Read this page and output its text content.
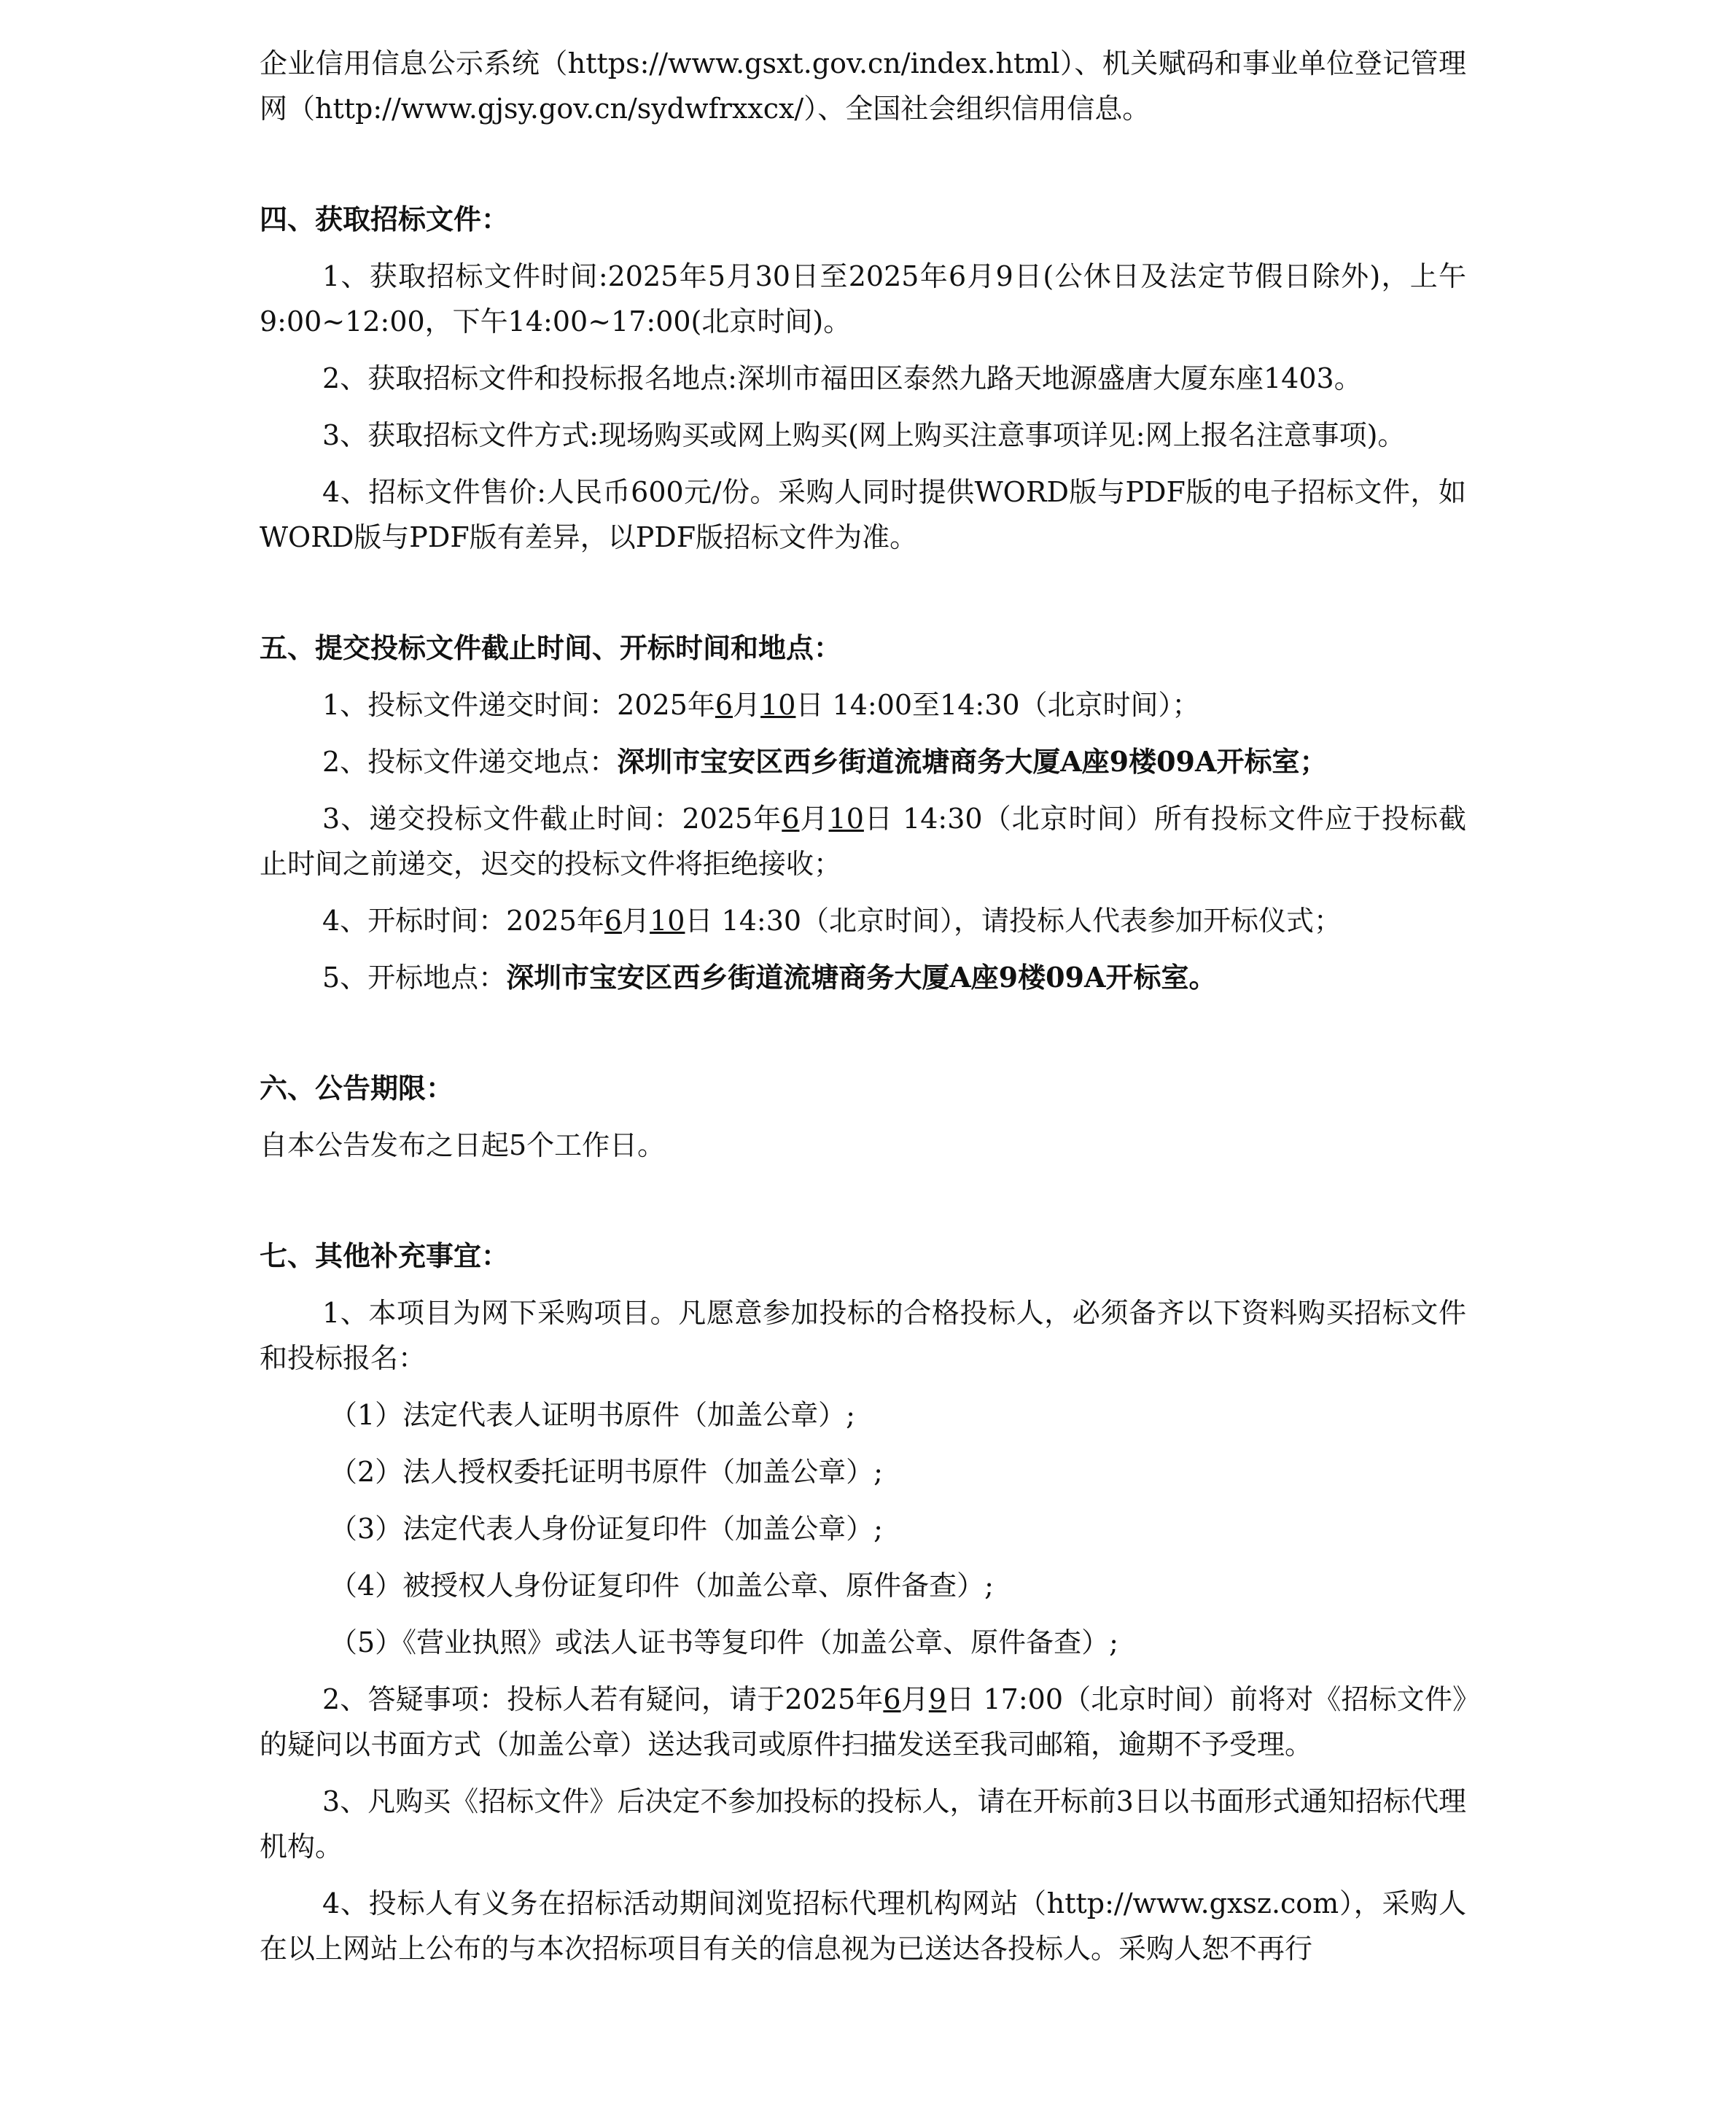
企业信用信息公示系统（https://www.gsxt.gov.cn/index.html）、机关赋码和事业单位登记管理网（http://www.gjsy.gov.cn/sydwfrxxcx/）、全国社会组织信用信息。

四、获取招标文件：

1、获取招标文件时间:2025年5月30日至2025年6月9日(公休日及法定节假日除外)，上午9:00~12:00，下午14:00~17:00(北京时间)。

2、获取招标文件和投标报名地点:深圳市福田区泰然九路天地源盛唐大厦东座1403。

3、获取招标文件方式:现场购买或网上购买(网上购买注意事项详见:网上报名注意事项)。

4、招标文件售价:人民币600元/份。采购人同时提供WORD版与PDF版的电子招标文件，如WORD版与PDF版有差异，以PDF版招标文件为准。

五、提交投标文件截止时间、开标时间和地点：

1、投标文件递交时间：2025年6月10日 14:00至14:30（北京时间）；

2、投标文件递交地点：深圳市宝安区西乡街道流塘商务大厦A座9楼09A开标室；

3、递交投标文件截止时间：2025年6月10日 14:30（北京时间）所有投标文件应于投标截止时间之前递交，迟交的投标文件将拒绝接收；

4、开标时间：2025年6月10日 14:30（北京时间），请投标人代表参加开标仪式；

5、开标地点：深圳市宝安区西乡街道流塘商务大厦A座9楼09A开标室。

六、公告期限：

自本公告发布之日起5个工作日。

七、其他补充事宜：

1、本项目为网下采购项目。凡愿意参加投标的合格投标人，必须备齐以下资料购买招标文件和投标报名：

（1）法定代表人证明书原件（加盖公章）;

（2）法人授权委托证明书原件（加盖公章）;

（3）法定代表人身份证复印件（加盖公章）;

（4）被授权人身份证复印件（加盖公章、原件备查）;

（5）《营业执照》或法人证书等复印件（加盖公章、原件备查）;

2、答疑事项：投标人若有疑问，请于2025年6月9日 17:00（北京时间）前将对《招标文件》的疑问以书面方式（加盖公章）送达我司或原件扫描发送至我司邮箱，逾期不予受理。

3、凡购买《招标文件》后决定不参加投标的投标人，请在开标前3日以书面形式通知招标代理机构。

4、投标人有义务在招标活动期间浏览招标代理机构网站（http://www.gxsz.com），采购人在以上网站上公布的与本次招标项目有关的信息视为已送达各投标人。采购人恕不再行
